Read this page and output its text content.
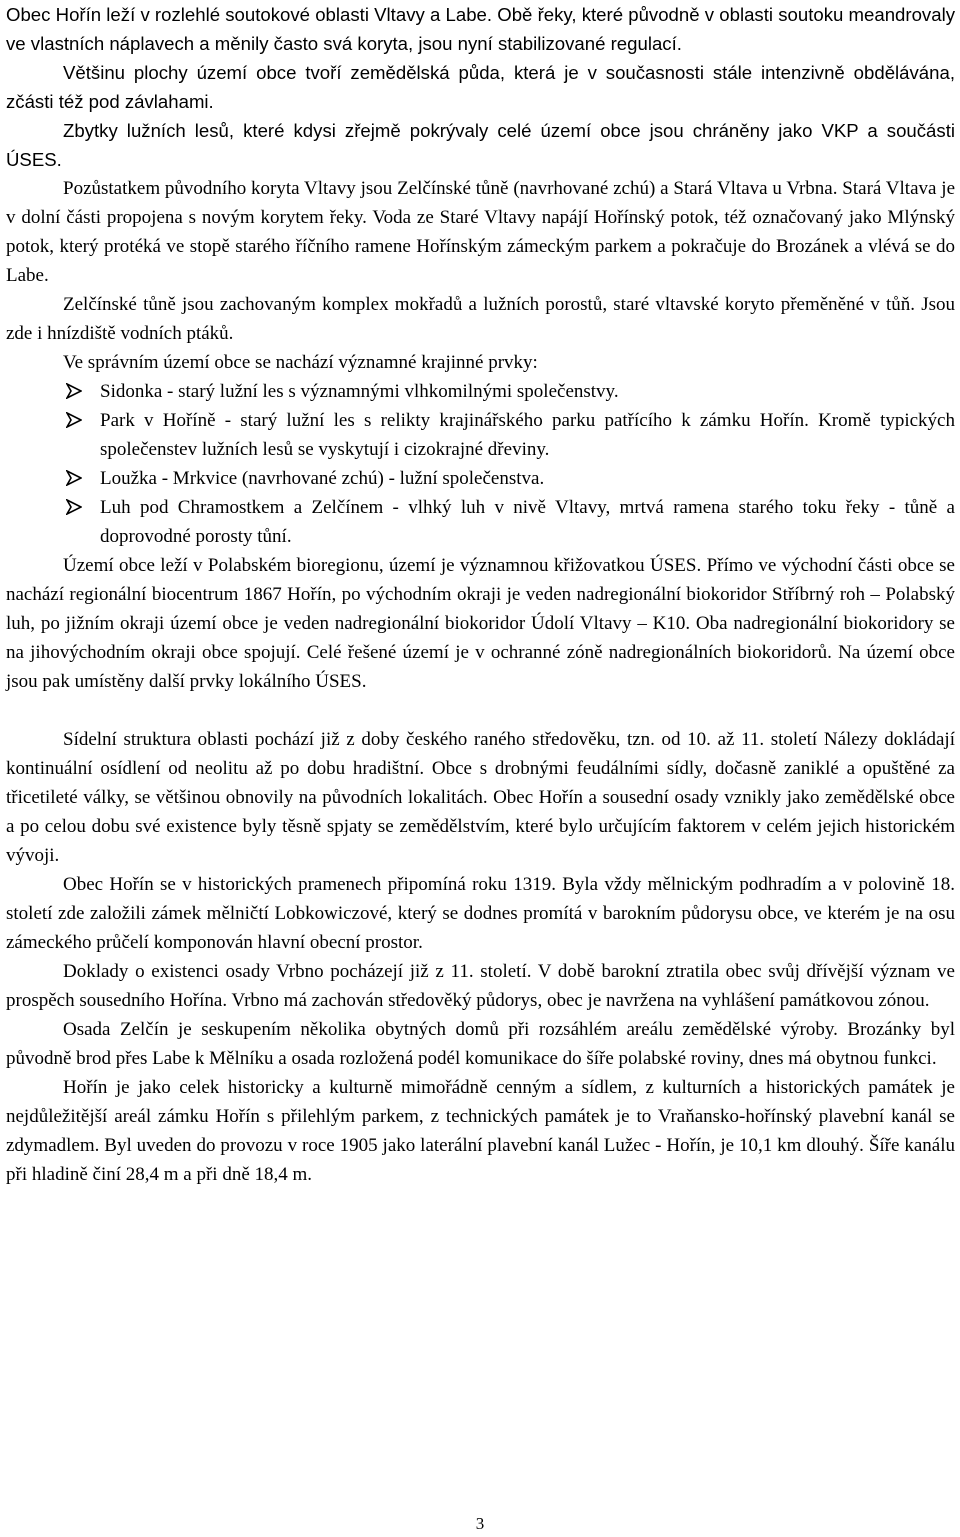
Obec Hořín leží v rozlehlé soutokové oblasti Vltavy a Labe. Obě řeky, které původně v oblasti soutoku meandrovaly ve vlastních náplavech a měnily často svá koryta, jsou nyní stabilizované regulací.

Většinu plochy území obce tvoří zemědělská půda, která je v současnosti stále intenzivně obdělávána, zčásti též pod závlahami.

Zbytky lužních lesů, které kdysi zřejmě pokrývaly celé území obce jsou chráněny jako VKP a součásti ÚSES.

Pozůstatkem původního koryta Vltavy jsou Zelčínské tůně (navrhované zchú) a Stará Vltava u Vrbna. Stará Vltava je v dolní části propojena s novým korytem řeky. Voda ze Staré Vltavy napájí Hořínský potok, též označovaný jako Mlýnský potok, který protéká ve stopě starého říčního ramene Hořínským zámeckým parkem a pokračuje do Brozánek a vlévá se do Labe.

Zelčínské tůně jsou zachovaným komplex mokřadů a lužních porostů, staré vltavské koryto přeměněné v tůň. Jsou zde i hnízdiště vodních ptáků.

Ve správním území obce se nachází významné krajinné prvky:

Sidonka - starý lužní les s významnými vlhkomilnými společenstvy.
Park v Hoříně - starý lužní les s relikty krajinářského parku patřícího k zámku Hořín. Kromě typických společenstev lužních lesů se vyskytují i cizokrajné dřeviny.
Loužka - Mrkvice (navrhované zchú) - lužní společenstva.
Luh pod Chramostkem a Zelčínem - vlhký luh v nivě Vltavy, mrtvá ramena starého toku řeky - tůně a doprovodné porosty tůní.

Území obce leží v Polabském bioregionu, území je významnou křižovatkou ÚSES. Přímo ve východní části obce se nachází regionální biocentrum 1867 Hořín, po východním okraji je veden nadregionální biokoridor Stříbrný roh – Polabský luh, po jižním okraji území obce je veden nadregionální biokoridor Údolí Vltavy – K10. Oba nadregionální biokoridory se na jihovýchodním okraji obce spojují. Celé řešené území je v ochranné zóně nadregionálních biokoridorů. Na území obce jsou pak umístěny další prvky lokálního ÚSES.

Sídelní struktura oblasti pochází již z doby českého raného středověku, tzn. od 10. až 11. století Nálezy dokládají kontinuální osídlení od neolitu až po dobu hradištní. Obce s drobnými feudálními sídly, dočasně zaniklé a opuštěné za třicetileté války, se většinou obnovily na původních lokalitách. Obec Hořín a sousední osady vznikly jako zemědělské obce a po celou dobu své existence byly těsně spjaty se zemědělstvím, které bylo určujícím faktorem v celém jejich historickém vývoji.

Obec Hořín se v historických pramenech připomíná roku 1319. Byla vždy mělnickým podhradím a v polovině 18. století zde založili zámek mělničtí Lobkowiczové, který se dodnes promítá v barokním půdorysu obce, ve kterém je na osu zámeckého průčelí komponován hlavní obecní prostor.

Doklady o existenci osady Vrbno pocházejí již z 11. století. V době barokní ztratila obec svůj dřívější význam ve prospěch sousedního Hořína. Vrbno má zachován středověký půdorys, obec je navržena na vyhlášení památkovou zónou.

Osada Zelčín je seskupením několika obytných domů při rozsáhlém areálu zemědělské výroby. Brozánky byl původně brod přes Labe k Mělníku a osada rozložená podél komunikace do šíře polabské roviny, dnes má obytnou funkci.

Hořín je jako celek historicky a kulturně mimořádně cenným a sídlem, z kulturních a historických památek je nejdůležitější areál zámku Hořín s přilehlým parkem, z technických památek je to Vraňansko-hořínský plavební kanál se zdymadlem. Byl uveden do provozu v roce 1905 jako laterální plavební kanál Lužec - Hořín, je 10,1 km dlouhý. Šíře kanálu při hladině činí 28,4 m a při dně 18,4 m.

3
